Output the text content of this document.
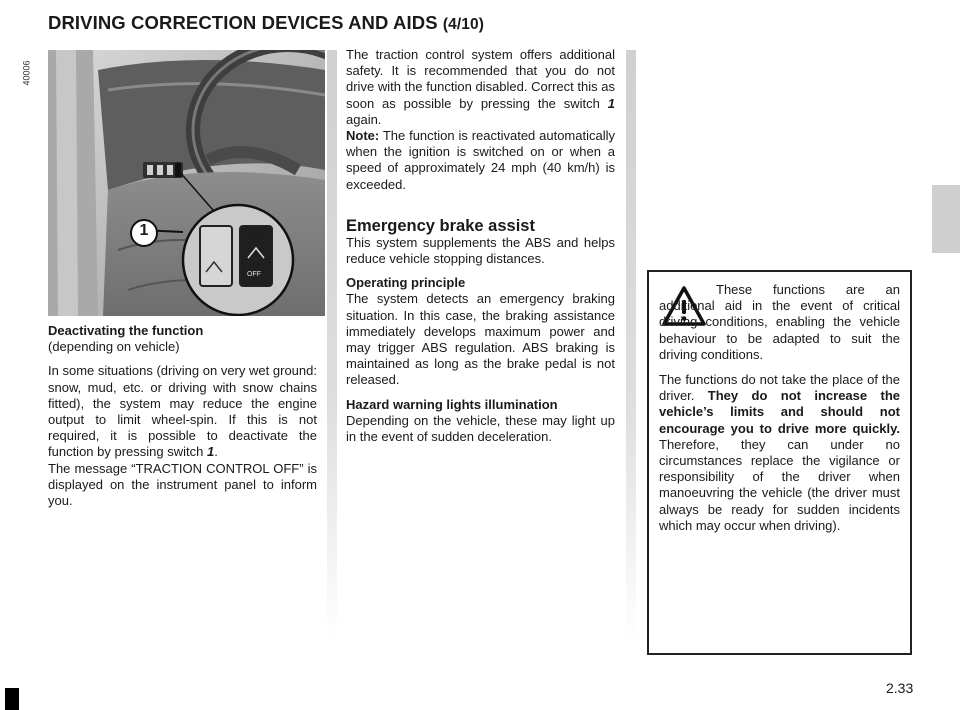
DRIVING CORRECTION DEVICES AND AIDS (4/10)
40006
OFF
1

Deactivating the function

(depending on vehicle)

In some situations (driving on very wet ground: snow, mud, etc. or driving with snow chains fitted), the system may reduce the engine output to limit wheel-spin. If this is not required, it is possible to deactivate the function by pressing switch 1.

The message “TRACTION CONTROL OFF” is displayed on the instrument panel to inform you.

The traction control system offers additional safety. It is recommended that you do not drive with the function disabled. Correct this as soon as possible by pressing the switch 1 again.

Note: The function is reactivated automatically when the ignition is switched on or when a speed of approximately 24 mph (40 km/h) is exceeded.

Emergency brake assist

This system supplements the ABS and helps reduce vehicle stopping distances.

Operating principle

The system detects an emergency braking situation. In this case, the braking assistance immediately develops maximum power and may trigger ABS regulation. ABS braking is maintained as long as the brake pedal is not released.

Hazard warning lights illumination

Depending on the vehicle, these may light up in the event of sudden deceleration.

These functions are an additional aid in the event of critical driving conditions, enabling the vehicle behaviour to be adapted to suit the driving conditions.

The functions do not take the place of the driver. They do not increase the vehicle’s limits and should not encourage you to drive more quickly. Therefore, they can under no circumstances replace the vigilance or responsibility of the driver when manoeuvring the vehicle (the driver must always be ready for sudden incidents which may occur when driving).

2.33
